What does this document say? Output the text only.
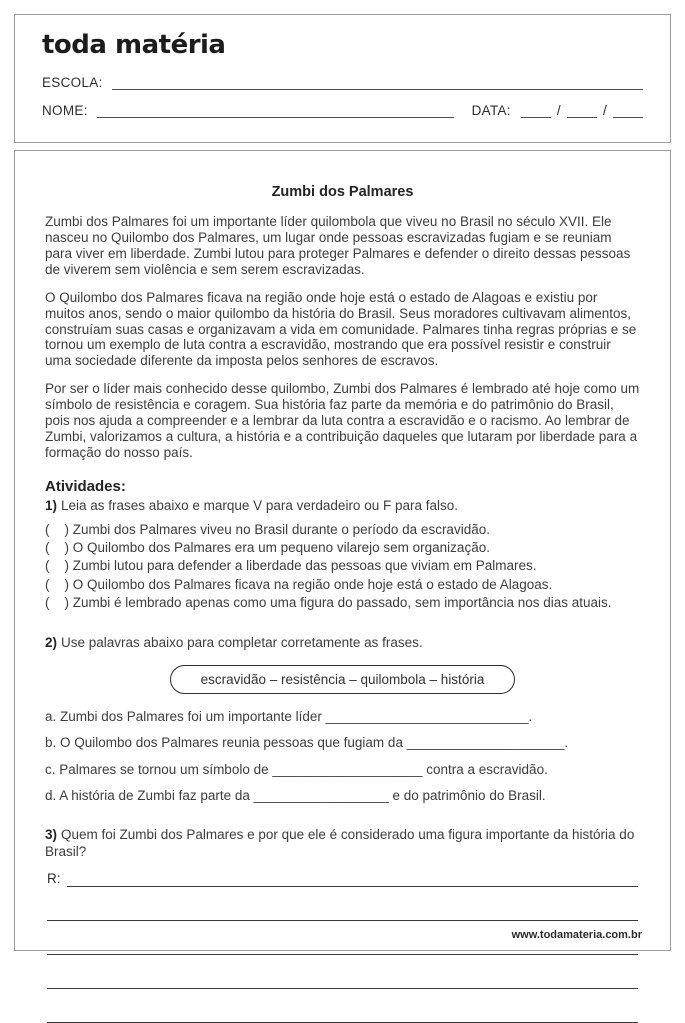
toda matéria
ESCOLA:
NOME:	DATA:	/	/
Zumbi dos Palmares

Zumbi dos Palmares foi um importante líder quilombola que viveu no Brasil no século XVII. Ele nasceu no Quilombo dos Palmares, um lugar onde pessoas escravizadas fugiam e se reuniam para viver em liberdade. Zumbi lutou para proteger Palmares e defender o direito dessas pessoas de viverem sem violência e sem serem escravizadas.

O Quilombo dos Palmares ficava na região onde hoje está o estado de Alagoas e existiu por muitos anos, sendo o maior quilombo da história do Brasil. Seus moradores cultivavam alimentos, construíam suas casas e organizavam a vida em comunidade. Palmares tinha regras próprias e se tornou um exemplo de luta contra a escravidão, mostrando que era possível resistir e construir uma sociedade diferente da imposta pelos senhores de escravos.

Por ser o líder mais conhecido desse quilombo, Zumbi dos Palmares é lembrado até hoje como um símbolo de resistência e coragem. Sua história faz parte da memória e do patrimônio do Brasil, pois nos ajuda a compreender e a lembrar da luta contra a escravidão e o racismo. Ao lembrar de Zumbi, valorizamos a cultura, a história e a contribuição daqueles que lutaram por liberdade para a formação do nosso país.

Atividades:

1) Leia as frases abaixo e marque V para verdadeiro ou F para falso.

(    ) Zumbi dos Palmares viveu no Brasil durante o período da escravidão.

(    ) O Quilombo dos Palmares era um pequeno vilarejo sem organização.

(    ) Zumbi lutou para defender a liberdade das pessoas que viviam em Palmares.

(    ) O Quilombo dos Palmares ficava na região onde hoje está o estado de Alagoas.

(    ) Zumbi é lembrado apenas como uma figura do passado, sem importância nos dias atuais.

2) Use palavras abaixo para completar corretamente as frases.

escravidão – resistência – quilombola – história

a. Zumbi dos Palmares foi um importante líder ___________________________.

b. O Quilombo dos Palmares reunia pessoas que fugiam da _____________________.

c. Palmares se tornou um símbolo de ____________________ contra a escravidão.

d. A história de Zumbi faz parte da __________________ e do patrimônio do Brasil.

3) Quem foi Zumbi dos Palmares e por que ele é considerado uma figura importante da história do Brasil?

R:
www.todamateria.com.br
